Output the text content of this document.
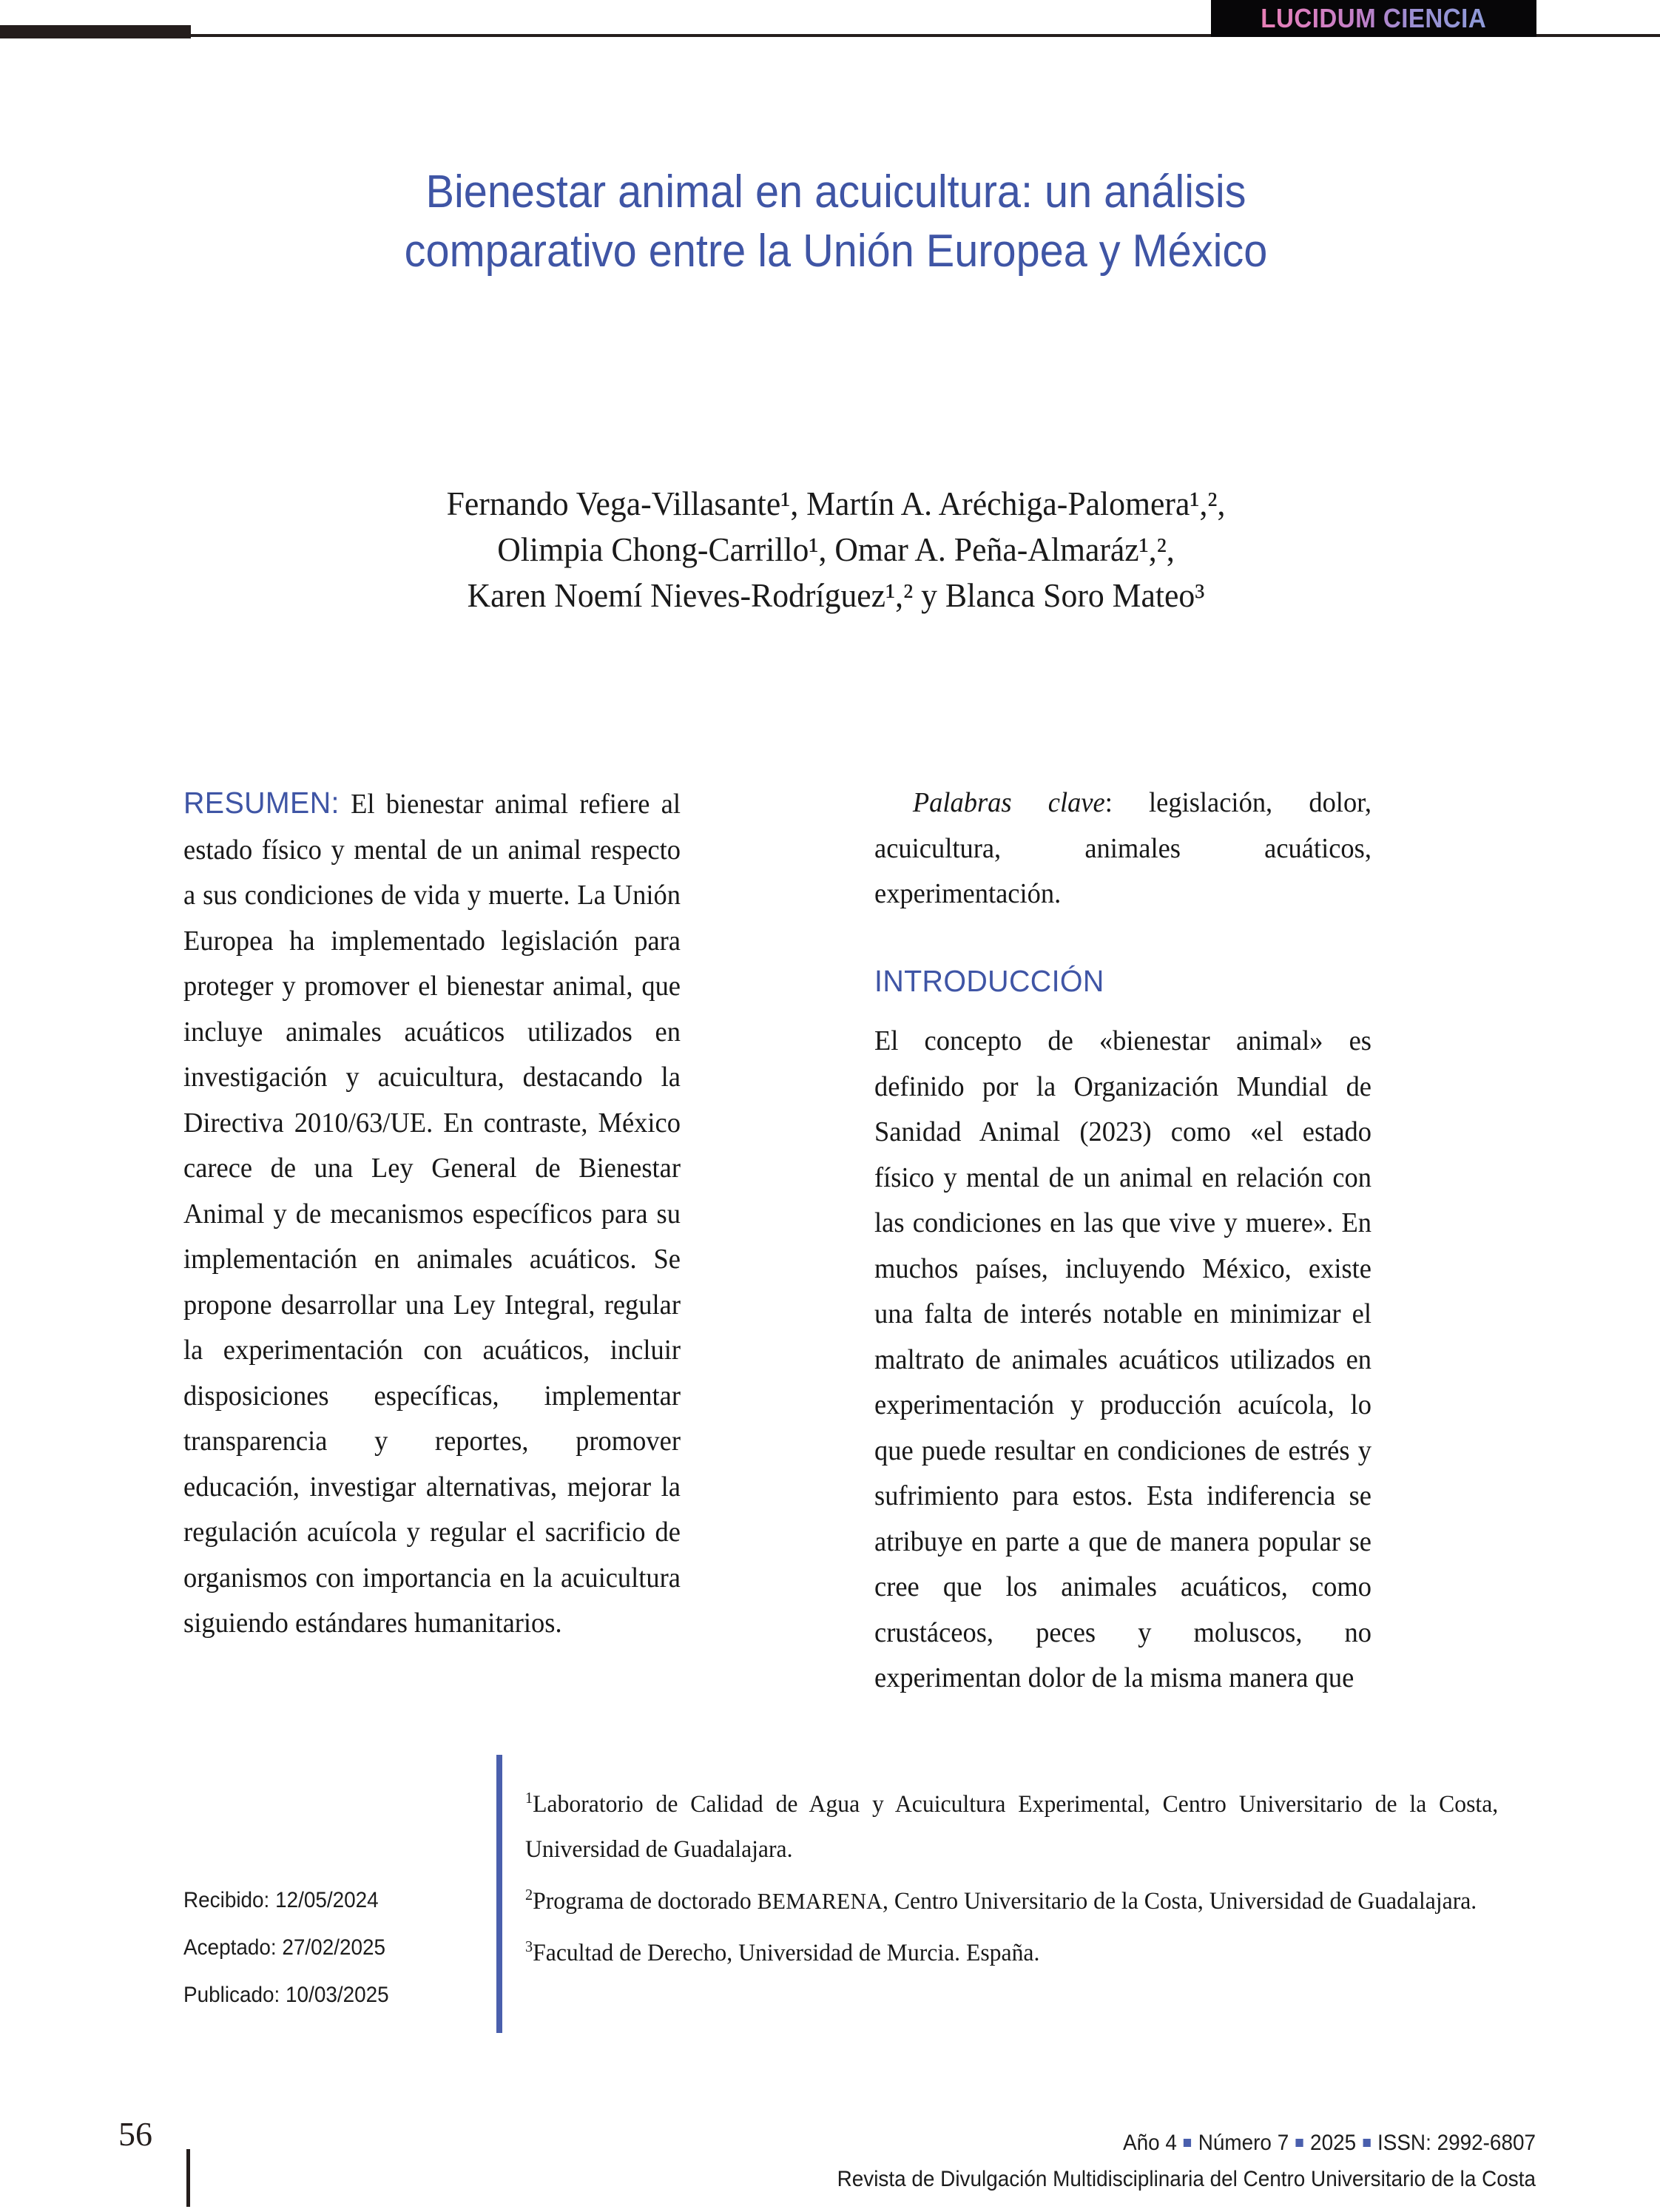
LUCIDUM CIENCIA
Bienestar animal en acuicultura: un análisis
comparativo entre la Unión Europea y México
Fernando Vega-Villasante¹, Martín A. Aréchiga-Palomera¹,²,
Olimpia Chong-Carrillo¹, Omar A. Peña-Almaráz¹,²,
Karen Noemí Nieves-Rodríguez¹,² y Blanca Soro Mateo³

RESUMEN: El bienestar animal refiere al estado físico y mental de un animal respecto a sus condiciones de vida y muerte. La Unión Europea ha implementado legislación para proteger y promover el bienestar animal, que incluye animales acuáticos utilizados en investigación y acuicultura, destacando la Directiva 2010/63/UE. En contraste, México carece de una Ley General de Bienestar Animal y de mecanismos específicos para su implementación en animales acuáticos. Se propone desarrollar una Ley Integral, regular la experimentación con acuáticos, incluir disposiciones específicas, implementar transparencia y reportes, promover educación, investigar alternativas, mejorar la regulación acuícola y regular el sacrificio de organismos con importancia en la acuicultura siguiendo estándares humanitarios.

Palabras clave: legislación, dolor, acuicultura, animales acuáticos, experimentación.

INTRODUCCIÓN

El concepto de «bienestar animal» es definido por la Organización Mundial de Sanidad Animal (2023) como «el estado físico y mental de un animal en relación con las condiciones en las que vive y muere». En muchos países, incluyendo México, existe una falta de interés notable en minimizar el maltrato de animales acuáticos utilizados en experimentación y producción acuícola, lo que puede resultar en condiciones de estrés y sufrimiento para estos. Esta indiferencia se atribuye en parte a que de manera popular se cree que los animales acuáticos, como crustáceos, peces y moluscos, no experimentan dolor de la misma manera que

Recibido: 12/05/2024
Aceptado: 27/02/2025
Publicado: 10/03/2025

$^1$Laboratorio de Calidad de Agua y Acuicultura Experimental, Centro Universitario de la Costa, Universidad de Guadalajara.

$^2$Programa de doctorado BEMARENA, Centro Universitario de la Costa, Universidad de Guadalajara.

$^3$Facultad de Derecho, Universidad de Murcia. España.

56	Año 4 Número 7 2025 ISSN: 2992-6807
Revista de Divulgación Multidisciplinaria del Centro Universitario de la Costa
